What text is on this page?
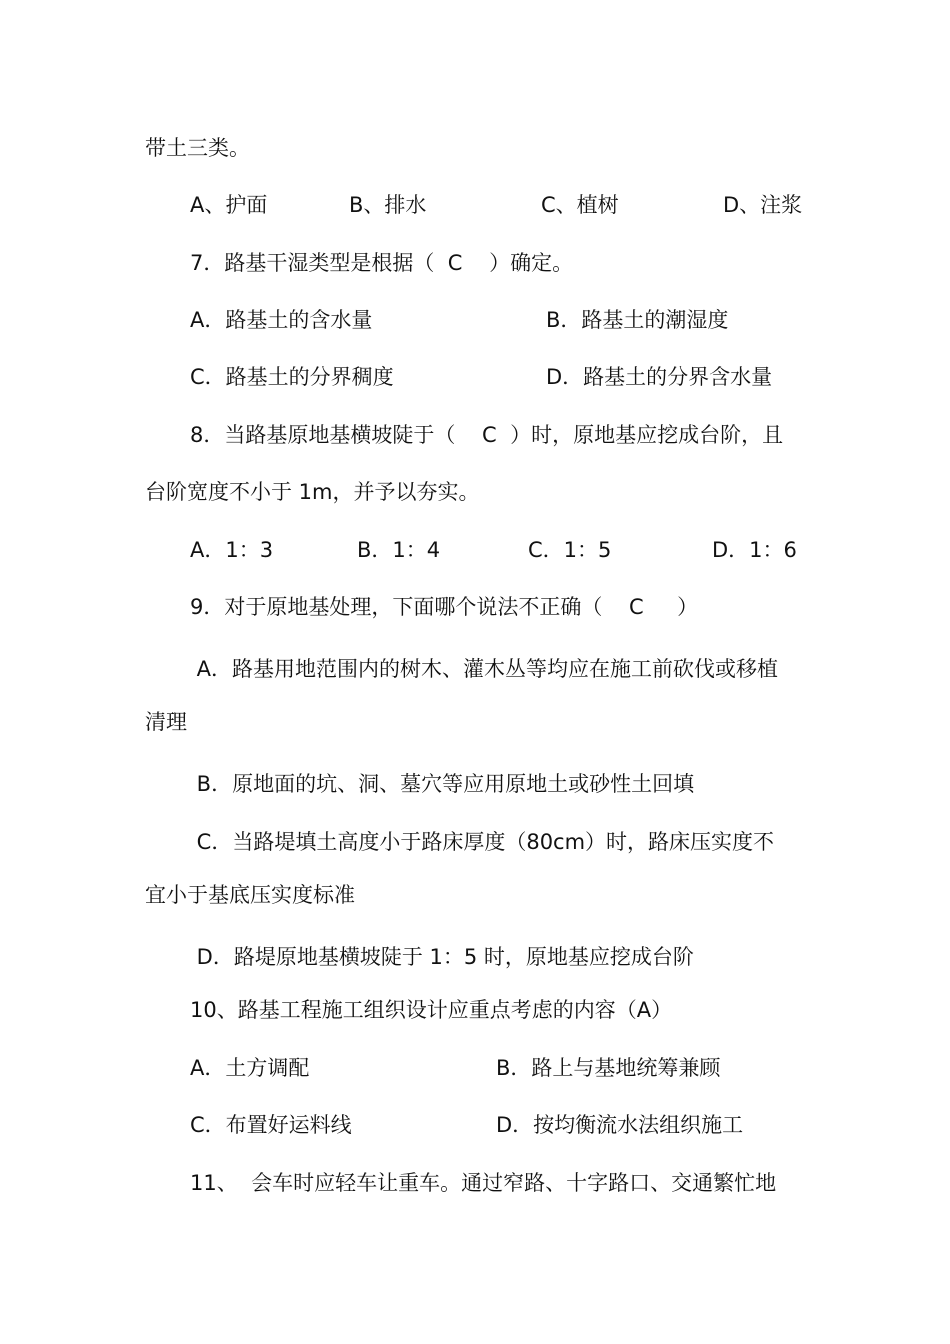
带土三类。

A、护面	B、排水	C、植树	D、注浆

7．路基干湿类型是根据（  C    ）确定。

A．路基土的含水量	B．路基土的潮湿度
C．路基土的分界稠度	D．路基土的分界含水量

8．当路基原地基横坡陡于（    C  ）时，原地基应挖成台阶，且

台阶宽度不小于 1m，并予以夯实。

A．1：3	B．1：4	C．1：5	D．1：6

9．对于原地基处理，下面哪个说法不正确（    C     ）

A．路基用地范围内的树木、灌木丛等均应在施工前砍伐或移植

清理

B．原地面的坑、洞、墓穴等应用原地土或砂性土回填

C．当路堤填土高度小于路床厚度（80cm）时，路床压实度不

宜小于基底压实度标准

D．路堤原地基横坡陡于 1：5 时，原地基应挖成台阶

10、路基工程施工组织设计应重点考虑的内容（A）

A．土方调配	B．路上与基地统筹兼顾
C．布置好运料线	D．按均衡流水法组织施工

11、  会车时应轻车让重车。通过窄路、十字路口、交通繁忙地
